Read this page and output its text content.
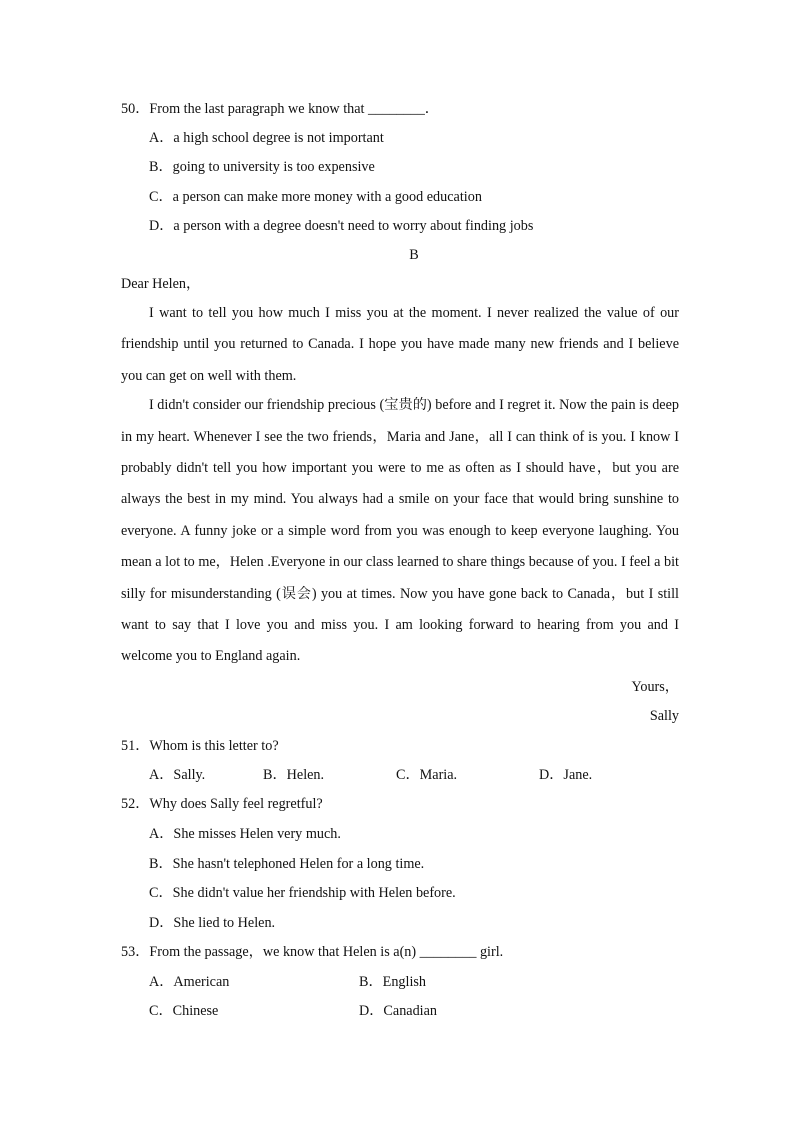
50．From the last paragraph we know that ________．
A．a high school degree is not important
B．going to university is too expensive
C．a person can make more money with a good education
D．a person with a degree doesn't need to worry about finding jobs
B
Dear Helen，

I want to tell you how much I miss you at the moment. I never realized the value of our friendship until you returned to Canada. I hope you have made many new friends and I believe you can get on well with them.

I didn't consider our friendship precious (宝贵的) before and I regret it. Now the pain is deep in my heart. Whenever I see the two friends，Maria and Jane，all I can think of is you. I know I probably didn't tell you how important you were to me as often as I should have，but you are always the best in my mind. You always had a smile on your face that would bring sunshine to everyone. A funny joke or a simple word from you was enough to keep everyone laughing. You mean a lot to me，Helen .Everyone in our class learned to share things because of you. I feel a bit silly for misunderstanding (误会) you at times. Now you have gone back to Canada，but I still want to say that I love you and miss you. I am looking forward to hearing from you and I welcome you to England again.

Yours，
Sally
51．Whom is this letter to?
A．Sally.	B．Helen.	C．Maria.	D．Jane.
52．Why does Sally feel regretful?
A．She misses Helen very much.
B．She hasn't telephoned Helen for a long time.
C．She didn't value her friendship with Helen before.
D．She lied to Helen.
53．From the passage，we know that Helen is a(n) ________ girl.
A．American	B．English
C．Chinese	D．Canadian
